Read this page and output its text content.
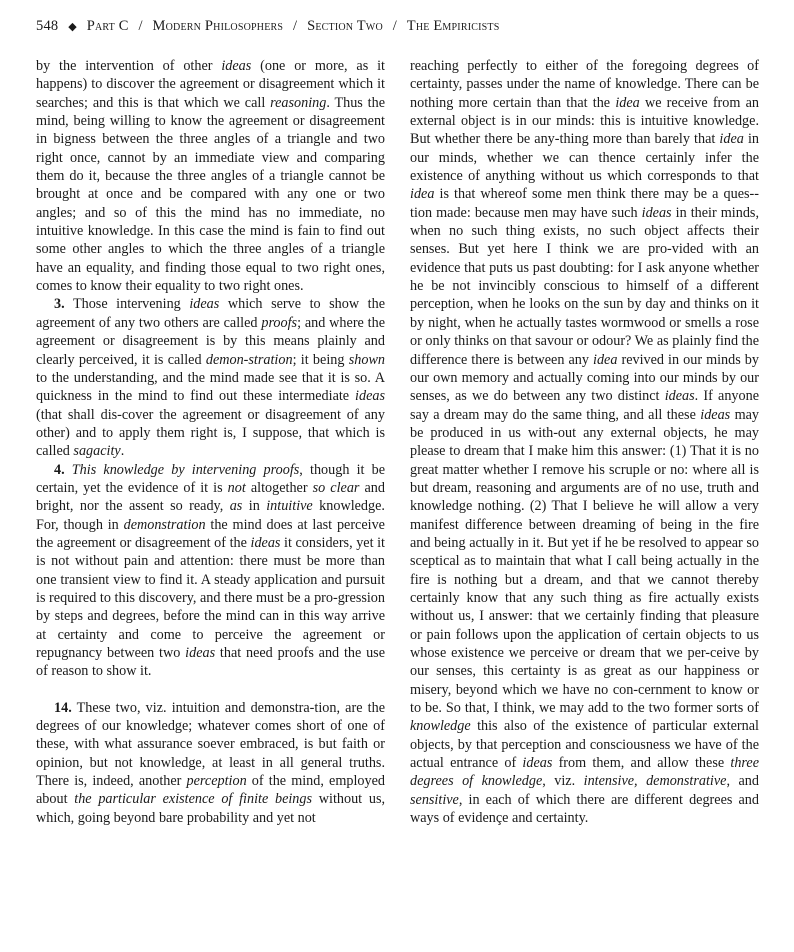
548 ◆ Part C / Modern Philosophers / Section Two / The Empiricists

by the intervention of other ideas (one or more, as it happens) to discover the agreement or disagreement which it searches; and this is that which we call reasoning. Thus the mind, being willing to know the agreement or disagreement in bigness between the three angles of a triangle and two right once, cannot by an immediate view and comparing them do it, because the three angles of a triangle cannot be brought at once and be compared with any one or two angles; and so of this the mind has no immediate, no intuitive knowledge. In this case the mind is fain to find out some other angles to which the three angles of a triangle have an equality, and finding those equal to two right ones, comes to know their equality to two right ones.

3. Those intervening ideas which serve to show the agreement of any two others are called proofs; and where the agreement or disagreement is by this means plainly and clearly perceived, it is called demon-stration; it being shown to the understanding, and the mind made see that it is so. A quickness in the mind to find out these intermediate ideas (that shall dis-cover the agreement or disagreement of any other) and to apply them right is, I suppose, that which is called sagacity.

4. This knowledge by intervening proofs, though it be certain, yet the evidence of it is not altogether so clear and bright, nor the assent so ready, as in intuitive knowledge. For, though in demonstration the mind does at last perceive the agreement or disagreement of the ideas it considers, yet it is not without pain and attention: there must be more than one transient view to find it. A steady application and pursuit is required to this discovery, and there must be a pro-gression by steps and degrees, before the mind can in this way arrive at certainty and come to perceive the agreement or repugnancy between two ideas that need proofs and the use of reason to show it.

14. These two, viz. intuition and demonstra-tion, are the degrees of our knowledge; whatever comes short of one of these, with what assurance soever embraced, is but faith or opinion, but not knowledge, at least in all general truths. There is, indeed, another perception of the mind, employed about the particular existence of finite beings without us, which, going beyond bare probability and yet not

reaching perfectly to either of the foregoing degrees of certainty, passes under the name of knowledge. There can be nothing more certain than that the idea we receive from an external object is in our minds: this is intuitive knowledge. But whether there be any-thing more than barely that idea in our minds, whether we can thence certainly infer the existence of anything without us which corresponds to that idea is that whereof some men think there may be a ques-tion made: because men may have such ideas in their minds, when no such thing exists, no such object affects their senses. But yet here I think we are pro-vided with an evidence that puts us past doubting: for I ask anyone whether he be not invincibly conscious to himself of a different perception, when he looks on the sun by day and thinks on it by night, when he actually tastes wormwood or smells a rose or only thinks on that savour or odour? We as plainly find the difference there is between any idea revived in our minds by our own memory and actually coming into our minds by our senses, as we do between any two distinct ideas. If anyone say a dream may do the same thing, and all these ideas may be produced in us with-out any external objects, he may please to dream that I make him this answer: (1) That it is no great matter whether I remove his scruple or no: where all is but dream, reasoning and arguments are of no use, truth and knowledge nothing. (2) That I believe he will allow a very manifest difference between dreaming of being in the fire and being actually in it. But yet if he be resolved to appear so sceptical as to maintain that what I call being actually in the fire is nothing but a dream, and that we cannot thereby certainly know that any such thing as fire actually exists without us, I answer: that we certainly finding that pleasure or pain follows upon the application of certain objects to us whose existence we perceive or dream that we per-ceive by our senses, this certainty is as great as our happiness or misery, beyond which we have no con-cernment to know or to be. So that, I think, we may add to the two former sorts of knowledge this also of the existence of particular external objects, by that perception and consciousness we have of the actual entrance of ideas from them, and allow these three degrees of knowledge, viz. intensive, demonstrative, and sensitive, in each of which there are different degrees and ways of evidençe and certainty.
